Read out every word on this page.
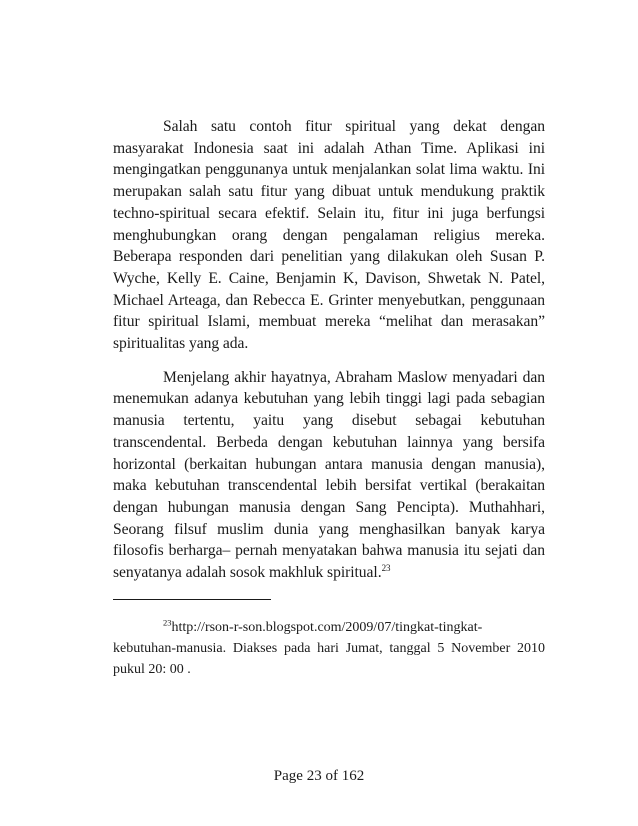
Salah satu contoh fitur spiritual yang dekat dengan masyarakat Indonesia saat ini adalah Athan Time. Aplikasi ini mengingatkan penggunanya untuk menjalankan solat lima waktu. Ini merupakan salah satu fitur yang dibuat untuk mendukung praktik techno-spiritual secara efektif. Selain itu, fitur ini juga berfungsi menghubungkan orang dengan pengalaman religius mereka. Beberapa responden dari penelitian yang dilakukan oleh Susan P. Wyche, Kelly E. Caine, Benjamin K, Davison, Shwetak N. Patel, Michael Arteaga, dan Rebecca E. Grinter menyebutkan, penggunaan fitur spiritual Islami, membuat mereka “melihat dan merasakan” spiritualitas yang ada.

Menjelang akhir hayatnya, Abraham Maslow menyadari dan menemukan adanya kebutuhan yang lebih tinggi lagi pada sebagian manusia tertentu, yaitu yang disebut sebagai kebutuhan transcendental. Berbeda dengan kebutuhan lainnya yang bersifa horizontal (berkaitan hubungan antara manusia dengan manusia), maka kebutuhan transcendental lebih bersifat vertikal (berakaitan dengan hubungan manusia dengan Sang Pencipta). Muthahhari, Seorang filsuf muslim dunia yang menghasilkan banyak karya filosofis berharga– pernah menyatakan bahwa manusia itu sejati dan senyatanya adalah sosok makhluk spiritual.$^{23}$

$^{23}$http://rson-r-son.blogspot.com/2009/07/tingkat-tingkat-kebutuhan-manusia. Diakses pada hari Jumat, tanggal 5 November 2010 pukul 20: 00 .

Page 23 of 162
